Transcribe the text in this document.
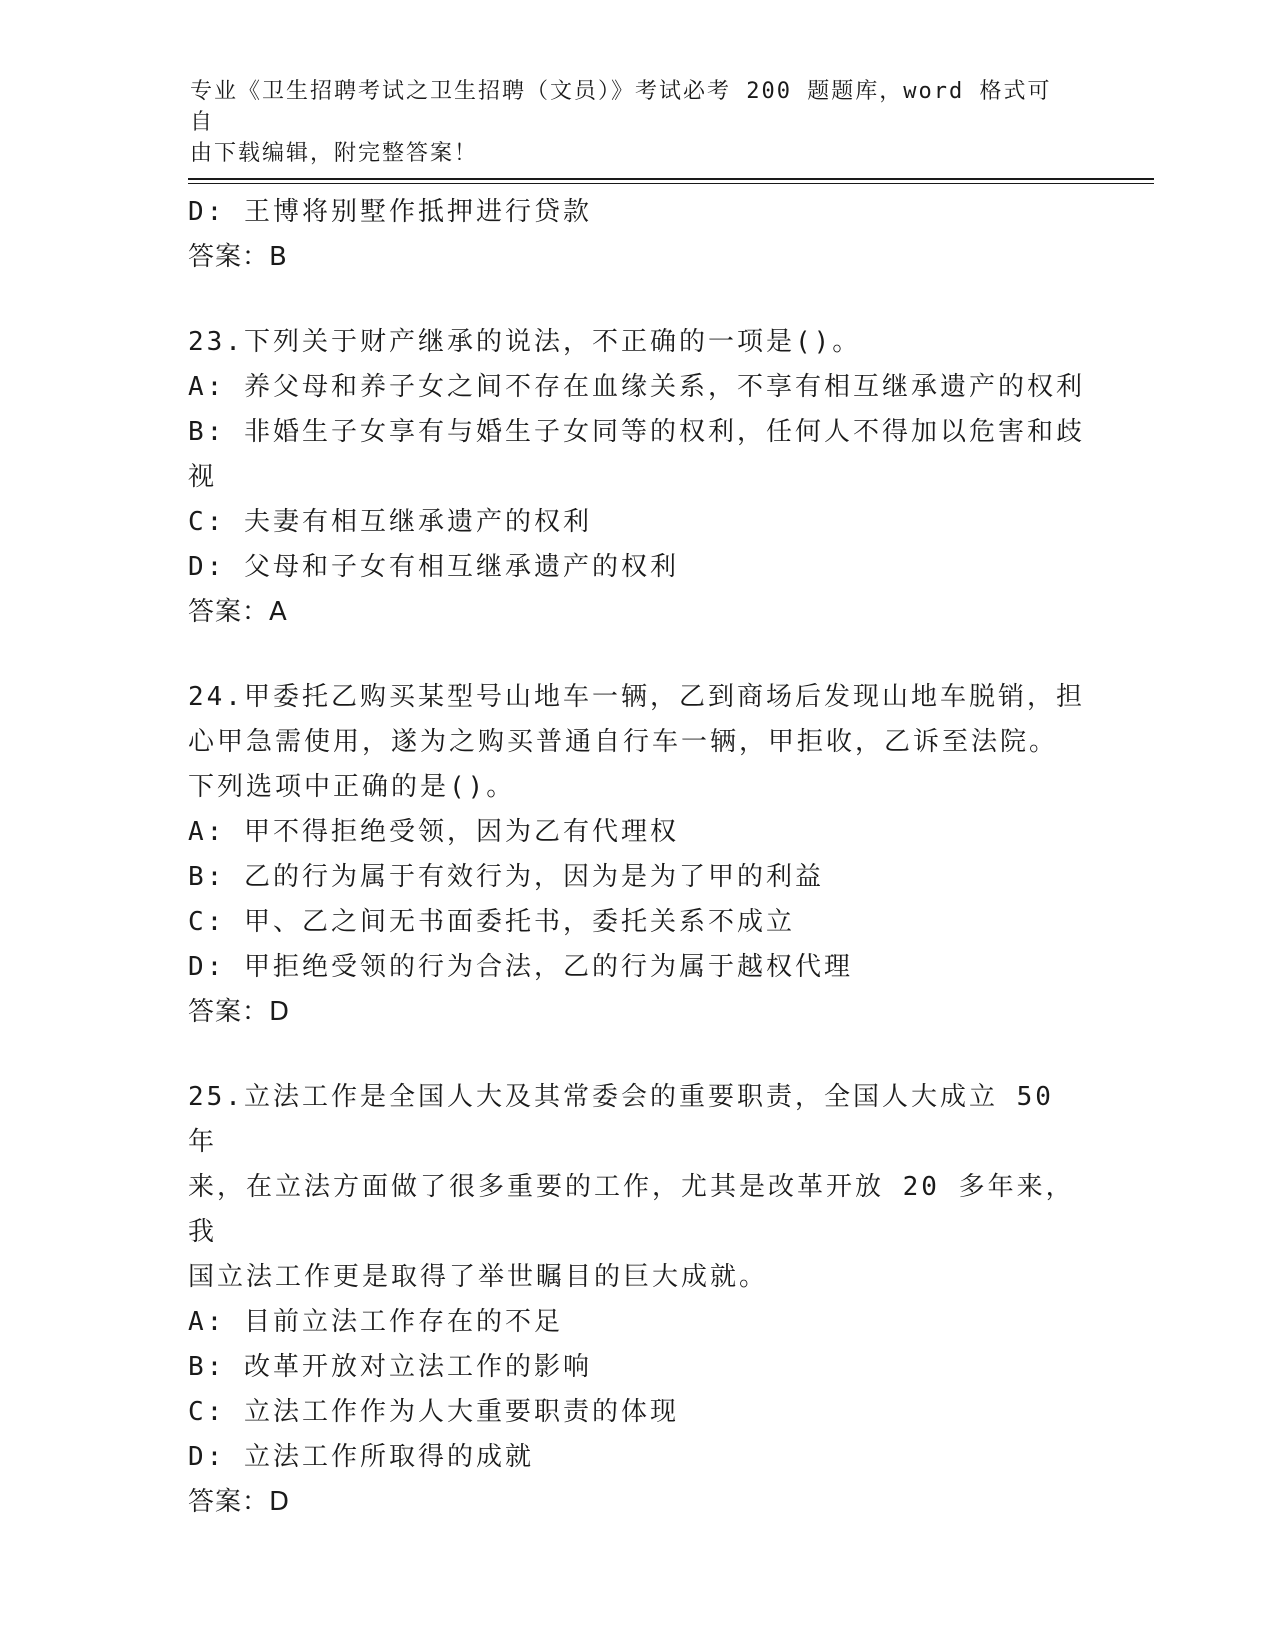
专业《卫生招聘考试之卫生招聘（文员）》考试必考 200 题题库，word 格式可自
由下载编辑，附完整答案！

D: 王博将别墅作抵押进行贷款

答案：B

23.下列关于财产继承的说法，不正确的一项是()。

A: 养父母和养子女之间不存在血缘关系，不享有相互继承遗产的权利

B: 非婚生子女享有与婚生子女同等的权利，任何人不得加以危害和歧

视

C: 夫妻有相互继承遗产的权利

D: 父母和子女有相互继承遗产的权利

答案：A

24.甲委托乙购买某型号山地车一辆，乙到商场后发现山地车脱销，担

心甲急需使用，遂为之购买普通自行车一辆，甲拒收，乙诉至法院。

下列选项中正确的是()。

A: 甲不得拒绝受领，因为乙有代理权

B: 乙的行为属于有效行为，因为是为了甲的利益

C: 甲、乙之间无书面委托书，委托关系不成立

D: 甲拒绝受领的行为合法，乙的行为属于越权代理

答案：D

25.立法工作是全国人大及其常委会的重要职责，全国人大成立 50 年

来，在立法方面做了很多重要的工作，尤其是改革开放 20 多年来，我

国立法工作更是取得了举世瞩目的巨大成就。

A: 目前立法工作存在的不足

B: 改革开放对立法工作的影响

C: 立法工作作为人大重要职责的体现

D: 立法工作所取得的成就

答案：D
